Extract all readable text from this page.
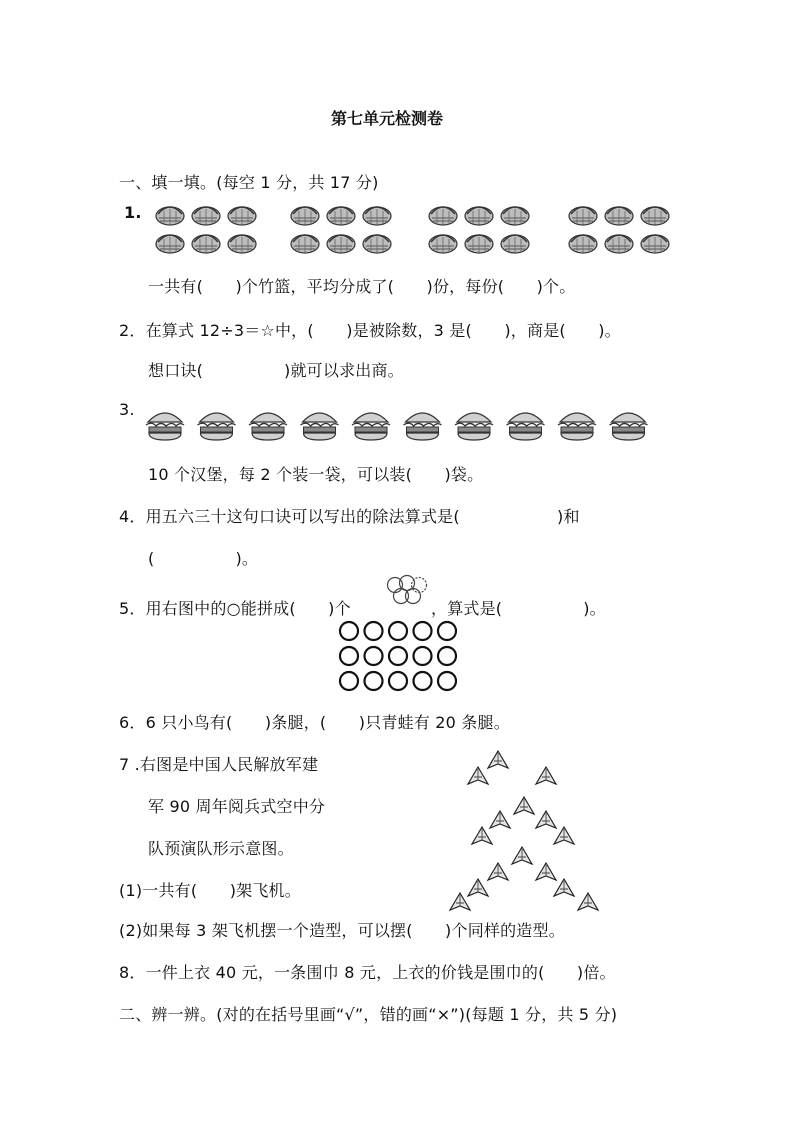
第七单元检测卷
一、填一填。(每空 1 分，共 17 分)
1.
一共有(　　)个竹篮，平均分成了(　　)份，每份(　　)个。
2．在算式 12÷3＝☆中，(　　)是被除数，3 是(　　)，商是(　　)。
想口诀(　　　　　)就可以求出商。
3.
10 个汉堡，每 2 个装一袋，可以装(　　)袋。
4．用五六三十这句口诀可以写出的除法算式是(　　　　　　)和
(　　　　　)。
5．用右图中的○能拼成(　　)个	，算式是(　　　　　)。
6．6 只小鸟有(　　)条腿，(　　)只青蛙有 20 条腿。
7 .右图是中国人民解放军建
军 90 周年阅兵式空中分
队预演队形示意图。
(1)一共有(　　)架飞机。
(2)如果每 3 架飞机摆一个造型，可以摆(　　)个同样的造型。
8．一件上衣 40 元，一条围巾 8 元，上衣的价钱是围巾的(　　)倍。
二、辨一辨。(对的在括号里画“√”，错的画“×”)(每题 1 分，共 5 分)
